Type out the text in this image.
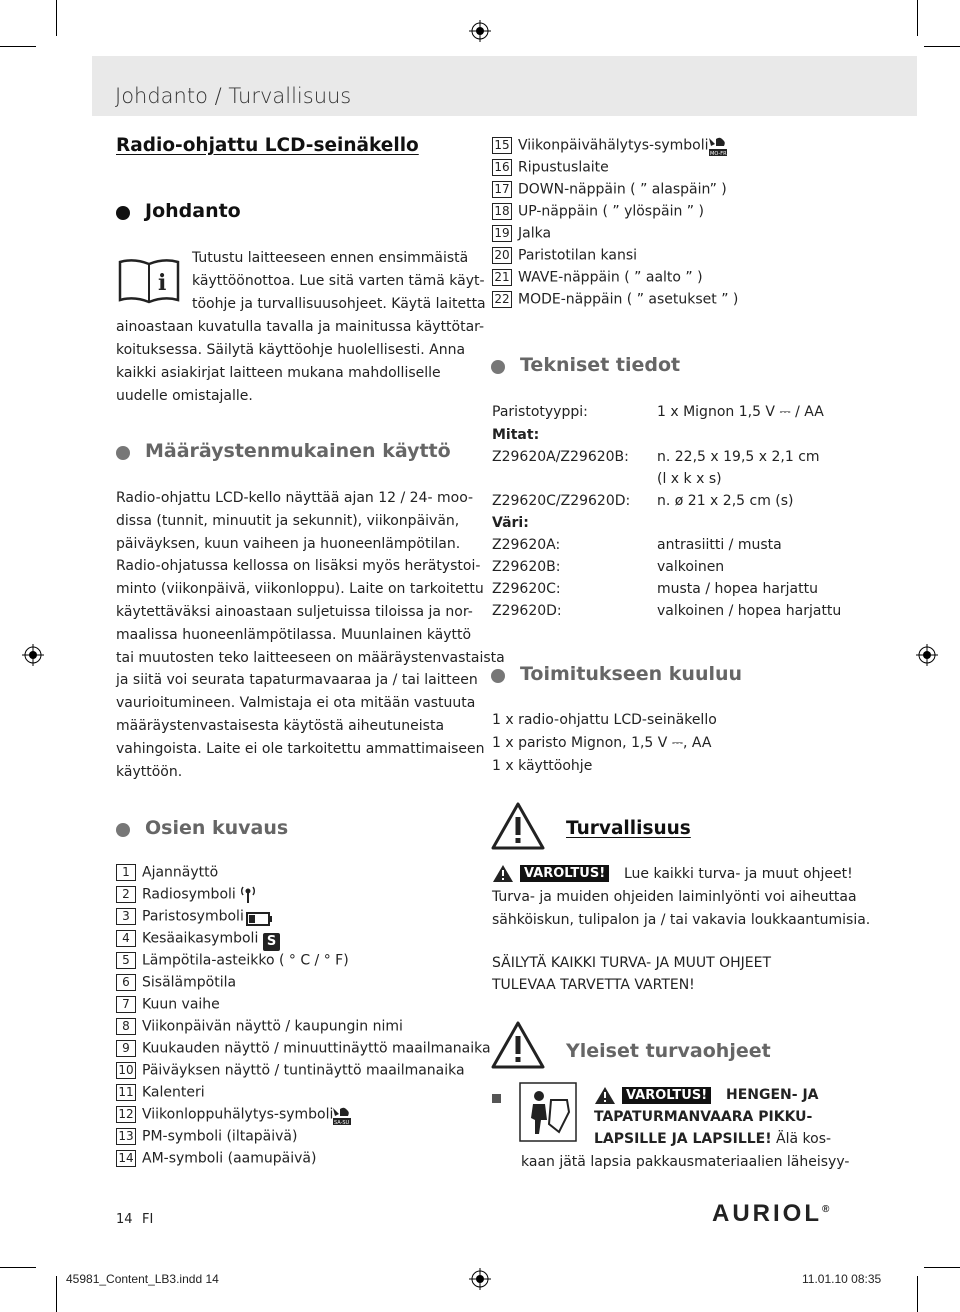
Johdanto / Turvallisuus
Radio-ohjattu LCD-seinäkello
Johdanto
i
Tutustu laitteeseen ennen ensimmäistä
käyttöönottoa. Lue sitä varten tämä käyt-
töohje ja turvallisuusohjeet. Käytä laitetta
ainoastaan kuvatulla tavalla ja mainitussa käyttötar-
koituksessa. Säilytä käyttöohje huolellisesti. Anna
kaikki asiakirjat laitteen mukana mahdolliselle
uudelle omistajalle.
Määräystenmukainen käyttö
Radio-ohjattu LCD-kello näyttää ajan 12 / 24- moo-
dissa (tunnit, minuutit ja sekunnit), viikonpäivän,
päiväyksen, kuun vaiheen ja huoneenlämpötilan.
Radio-ohjatussa kellossa on lisäksi myös herätystoi-
minto (viikonpäivä, viikonloppu). Laite on tarkoitettu
käytettäväksi ainoastaan suljetuissa tiloissa ja nor-
maalissa huoneenlämpötilassa. Muunlainen käyttö
tai muutosten teko laitteeseen on määräystenvastaista
ja siitä voi seurata tapaturmavaaraa ja / tai laitteen
vaurioitumineen. Valmistaja ei ota mitään vastuuta
määräystenvastaisesta käytöstä aiheutuneista
vahingoista. Laite ei ole tarkoitettu ammattimaiseen
käyttöön.
Osien kuvaus
1 Ajannäyttö
2 Radiosymboli
3 Paristosymboli
4 Kesäaikasymboli
5 Lämpötila-asteikko ( ° C / ° F)
6 Sisälämpötila
7 Kuun vaihe
8 Viikonpäivän näyttö / kaupungin nimi
9 Kuukauden näyttö / minuuttinäyttö maailmanaika
10 Päiväyksen näyttö / tuntinäyttö maailmanaika
11 Kalenteri
12 Viikonloppuhälytys-symboli
13 PM-symboli (iltapäivä)
14 AM-symboli (aamupäivä)
S
SA-SU
15 Viikonpäivähälytys-symboli
16 Ripustuslaite
17 DOWN-näppäin ( ” alaspäin” )
18 UP-näppäin ( ” ylöspäin ” )
19 Jalka
20 Paristotilan kansi
21 WAVE-näppäin ( ” aalto ” )
22 MODE-näppäin ( ” asetukset ” )
MO-FR
Tekniset tiedot
Paristotyyppi:	1 x Mignon 1,5 V ⎓ / AA
Mitat:
Z29620A/Z29620B: n. 22,5 x 19,5 x 2,1 cm
(l x k x s)
Z29620C/Z29620D: n. ø 21 x 2,5 cm (s)
Väri:
Z29620A:	antrasiitti / musta
Z29620B:	valkoinen
Z29620C:	musta / hopea harjattu
Z29620D:	valkoinen / hopea harjattu
Toimitukseen kuuluu
1 x radio-ohjattu LCD-seinäkello
1 x paristo Mignon, 1,5 V ⎓, AA
1 x käyttöohje
Turvallisuus
VAROLTUS! Lue kaikki turva- ja muut ohjeet!
Turva- ja muiden ohjeiden laiminlyönti voi aiheuttaa
sähköiskun, tulipalon ja / tai vakavia loukkaantumisia.
SÄILYTÄ KAIKKI TURVA- JA MUUT OHJEET
TULEVAA TARVETTA VARTEN!
Yleiset turvaohjeet
VAROLTUS! HENGEN- JA
TAPATURMANVAARA PIKKU-
LAPSILLE JA LAPSILLE! Älä kos-
kaan jätä lapsia pakkausmateriaalien läheisyy-
14 FI	AURIOL®
45981_Content_LB3.indd 14	11.01.10 08:35
